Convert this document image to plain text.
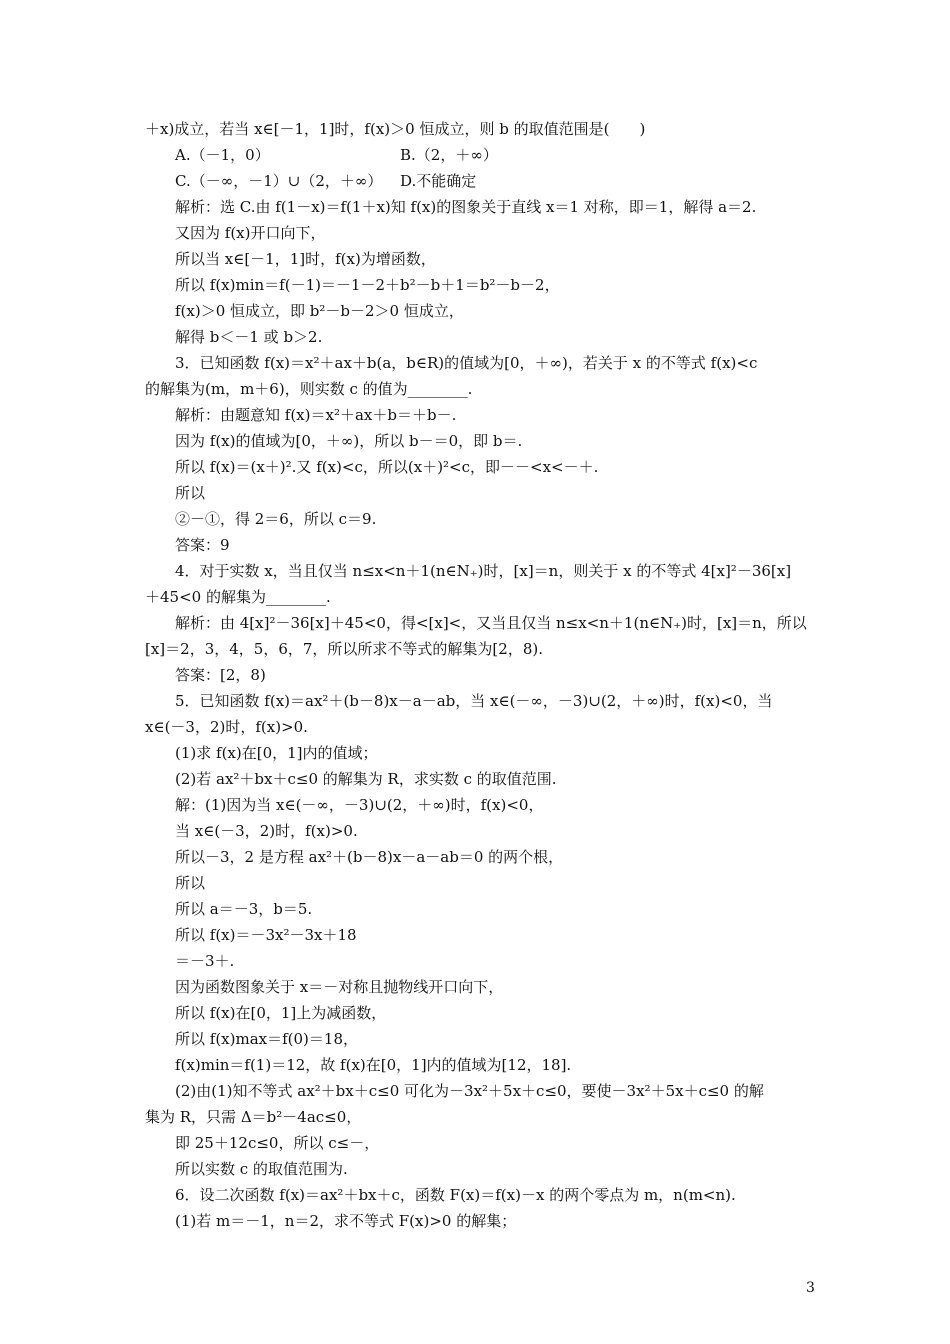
＋x)成立，若当 x∈[－1，1]时，f(x)＞0 恒成立，则 b 的取值范围是(　　)
A.（－1，0）	B.（2，＋∞）
C.（－∞，－1）∪（2，＋∞）	D.不能确定
解析：选 C.由 f(1－x)＝f(1＋x)知 f(x)的图象关于直线 x＝1 对称，即＝1，解得 a＝2.
又因为 f(x)开口向下，
所以当 x∈[－1，1]时，f(x)为增函数，
所以 f(x)min＝f(－1)＝－1－2＋b²－b＋1＝b²－b－2，
f(x)＞0 恒成立，即 b²－b－2＞0 恒成立，
解得 b＜－1 或 b＞2.
3．已知函数 f(x)＝x²＋ax＋b(a，b∈R)的值域为[0，＋∞)，若关于 x 的不等式 f(x)<c
的解集为(m，m＋6)，则实数 c 的值为________.
解析：由题意知 f(x)＝x²＋ax＋b＝＋b－.
因为 f(x)的值域为[0，＋∞)，所以 b－＝0，即 b＝.
所以 f(x)＝(x＋)².又 f(x)<c，所以(x＋)²<c，即－－<x<－＋.
所以
②－①，得 2＝6，所以 c＝9.
答案：9
4．对于实数 x，当且仅当 n≤x<n＋1(n∈N₊)时，[x]＝n，则关于 x 的不等式 4[x]²－36[x]
＋45<0 的解集为________.
解析：由 4[x]²－36[x]＋45<0，得<[x]<，又当且仅当 n≤x<n＋1(n∈N₊)时，[x]＝n，所以
[x]＝2，3，4，5，6，7，所以所求不等式的解集为[2，8).
答案：[2，8)
5．已知函数 f(x)＝ax²＋(b－8)x－a－ab，当 x∈(－∞，－3)∪(2，＋∞)时，f(x)<0，当
x∈(－3，2)时，f(x)>0.
(1)求 f(x)在[0，1]内的值域；
(2)若 ax²＋bx＋c≤0 的解集为 R，求实数 c 的取值范围.
解：(1)因为当 x∈(－∞，－3)∪(2，＋∞)时，f(x)<0，
当 x∈(－3，2)时，f(x)>0.
所以－3，2 是方程 ax²＋(b－8)x－a－ab＝0 的两个根，
所以
所以 a＝－3，b＝5.
所以 f(x)＝－3x²－3x＋18
＝－3＋.
因为函数图象关于 x＝－对称且抛物线开口向下，
所以 f(x)在[0，1]上为减函数，
所以 f(x)max＝f(0)＝18，
f(x)min＝f(1)＝12，故 f(x)在[0，1]内的值域为[12，18].
(2)由(1)知不等式 ax²＋bx＋c≤0 可化为－3x²＋5x＋c≤0，要使－3x²＋5x＋c≤0 的解
集为 R，只需 Δ＝b²－4ac≤0，
即 25＋12c≤0，所以 c≤－，
所以实数 c 的取值范围为.
6．设二次函数 f(x)＝ax²＋bx＋c，函数 F(x)＝f(x)－x 的两个零点为 m，n(m<n).
(1)若 m＝－1，n＝2，求不等式 F(x)>0 的解集；
3
